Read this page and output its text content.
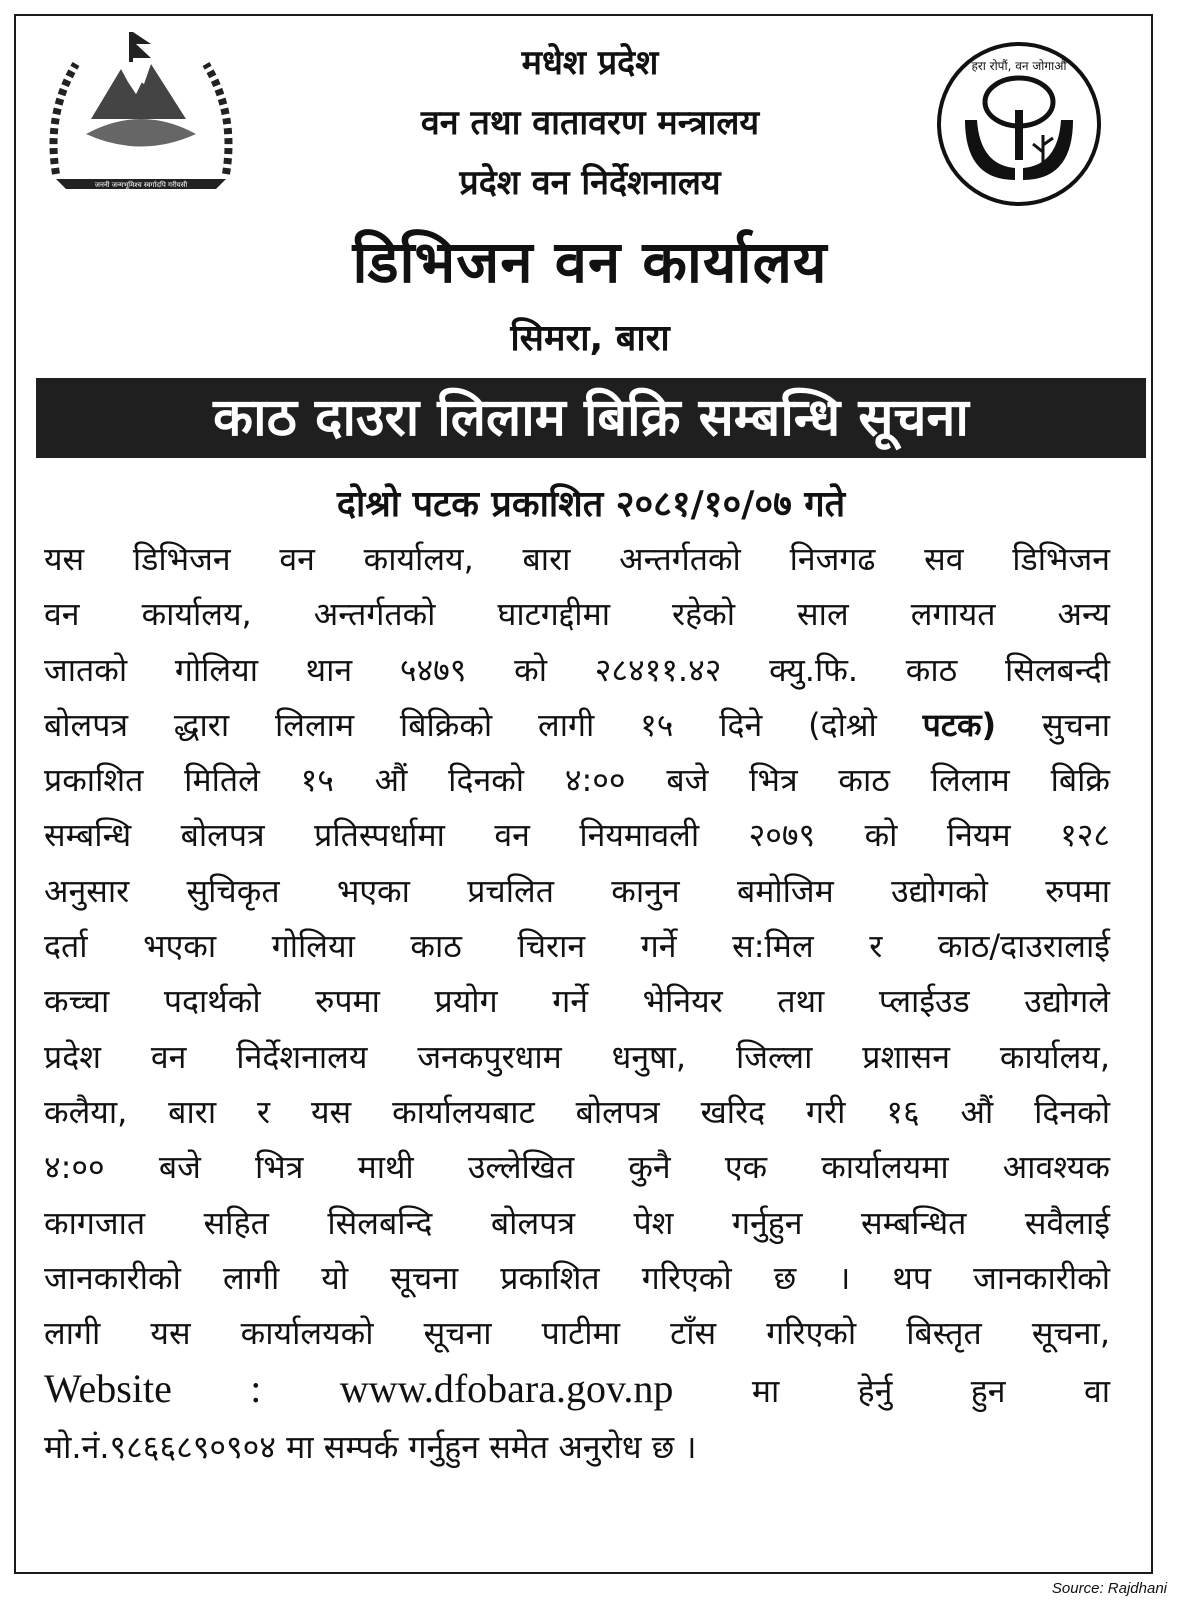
जननी जन्मभूमिश्च स्वर्गादपि गरीयसी
हरा रोपौं, वन जोगाऔं
मधेश प्रदेश
वन तथा वातावरण मन्त्रालय
प्रदेश वन निर्देशनालय
डिभिजन वन कार्यालय
सिमरा, बारा
काठ दाउरा लिलाम बिक्रि सम्बन्धि सूचना
दोश्रो पटक प्रकाशित २०८१/१०/०७ गते
यस डिभिजन वन कार्यालय, बारा अन्तर्गतको निजगढ सव डिभिजन
वन कार्यालय, अन्तर्गतको घाटगद्दीमा रहेको साल लगायत अन्य
जातको गोलिया थान ५४७९ को २८४११.४२ क्यु.फि. काठ सिलबन्दी
बोलपत्र द्धारा लिलाम बिक्रिको लागी १५ दिने (दोश्रो पटक) सुचना
प्रकाशित मितिले १५ औं दिनको ४:०० बजे भित्र काठ लिलाम बिक्रि
सम्बन्धि बोलपत्र प्रतिस्पर्धामा वन नियमावली २०७९ को नियम १२८
अनुसार सुचिकृत भएका प्रचलित कानुन बमोजिम उद्योगको रुपमा
दर्ता भएका गोलिया काठ चिरान गर्ने स:मिल र काठ/दाउरालाई
कच्चा पदार्थको रुपमा प्रयोग गर्ने भेनियर तथा प्लाईउड उद्योगले
प्रदेश वन निर्देशनालय जनकपुरधाम धनुषा, जिल्ला प्रशासन कार्यालय,
कलैया, बारा र यस कार्यालयबाट बोलपत्र खरिद गरी १६ औं दिनको
४:०० बजे भित्र माथी उल्लेखित कुनै एक कार्यालयमा आवश्यक
कागजात सहित सिलबन्दि बोलपत्र पेश गर्नुहुन सम्बन्धित सवैलाई
जानकारीको लागी यो सूचना प्रकाशित गरिएको छ । थप जानकारीको
लागी यस कार्यालयको सूचना पाटीमा टाँस गरिएको बिस्तृत सूचना,
Website : www.dfobara.gov.np मा हेर्नु हुन वा
मो.नं.९८६६८९०९०४ मा सम्पर्क गर्नुहुन समेत अनुरोध छ ।
Source: Rajdhani
